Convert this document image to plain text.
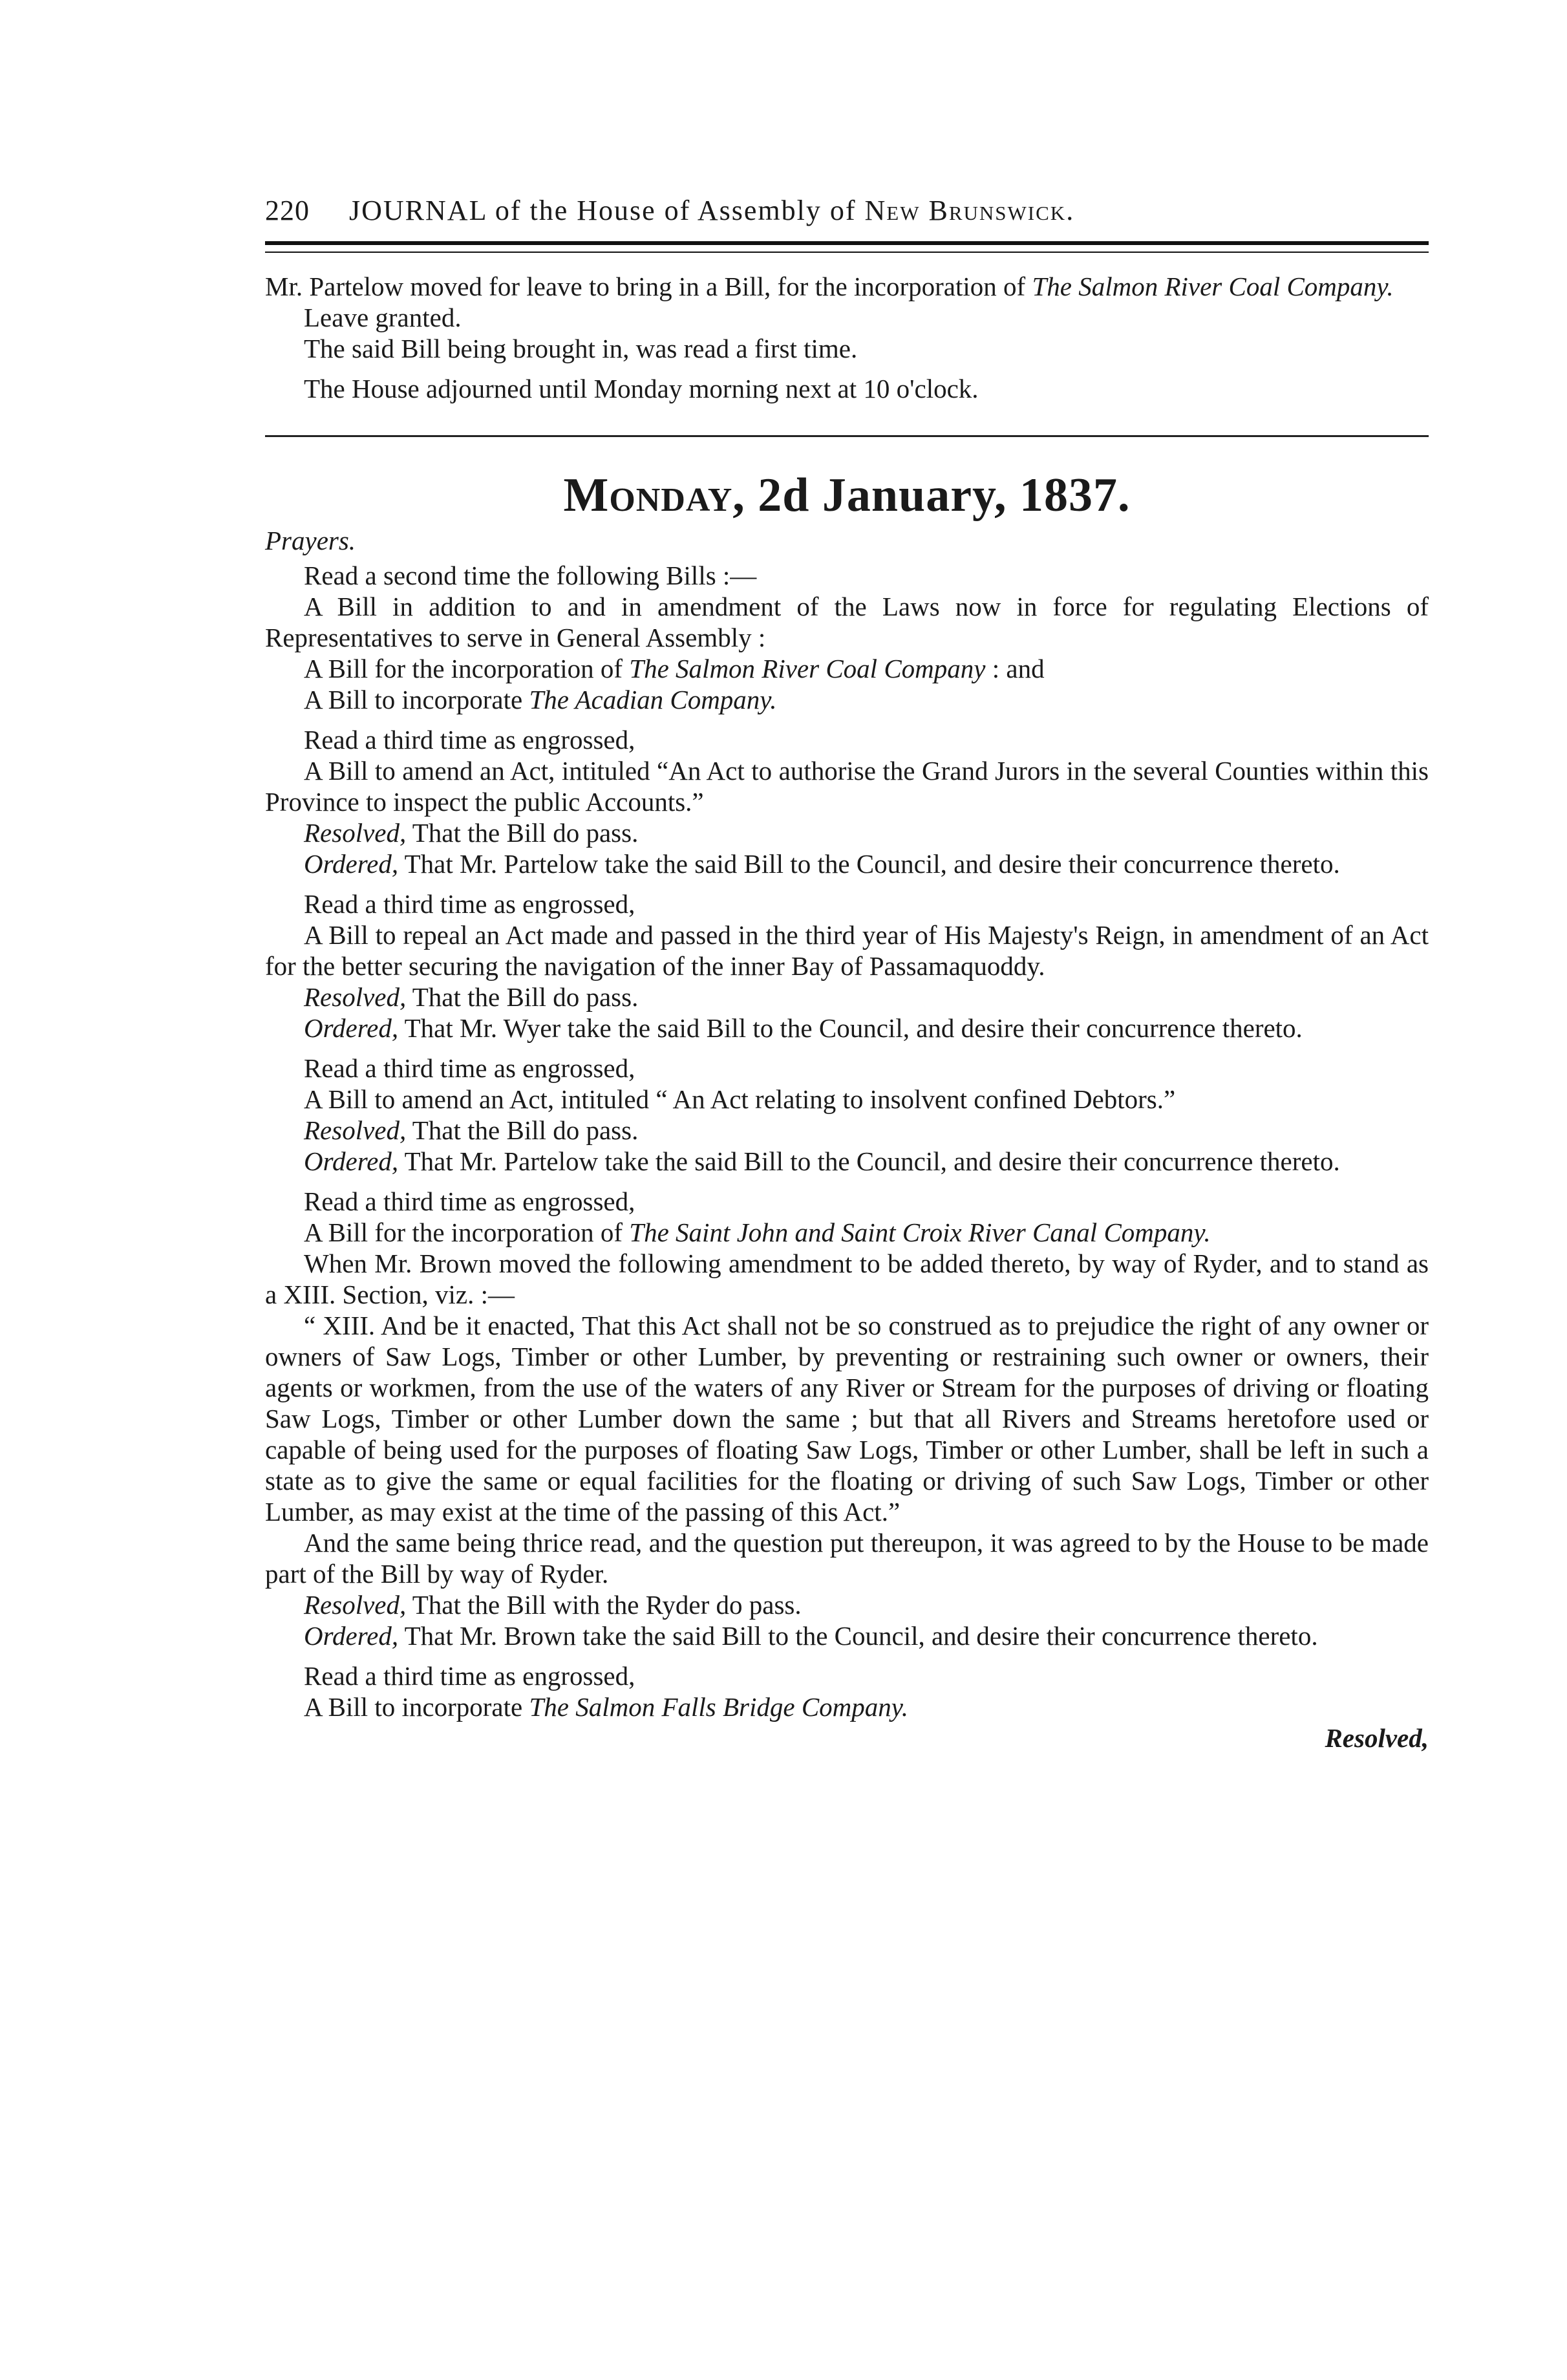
220	JOURNAL of the House of Assembly of New Brunswick.

Mr. Partelow moved for leave to bring in a Bill, for the incorporation of The Salmon River Coal Company.

Leave granted.

The said Bill being brought in, was read a first time.

The House adjourned until Monday morning next at 10 o'clock.

Monday, 2d January, 1837.
Prayers.

Read a second time the following Bills :—

A Bill in addition to and in amendment of the Laws now in force for regulating Elections of Representatives to serve in General Assembly :

A Bill for the incorporation of The Salmon River Coal Company : and

A Bill to incorporate The Acadian Company.

Read a third time as engrossed,

A Bill to amend an Act, intituled “An Act to authorise the Grand Jurors in the several Counties within this Province to inspect the public Accounts.”

Resolved, That the Bill do pass.

Ordered, That Mr. Partelow take the said Bill to the Council, and desire their concurrence thereto.

Read a third time as engrossed,

A Bill to repeal an Act made and passed in the third year of His Majesty's Reign, in amendment of an Act for the better securing the navigation of the inner Bay of Passamaquoddy.

Resolved, That the Bill do pass.

Ordered, That Mr. Wyer take the said Bill to the Council, and desire their concurrence thereto.

Read a third time as engrossed,

A Bill to amend an Act, intituled “ An Act relating to insolvent confined Debtors.”

Resolved, That the Bill do pass.

Ordered, That Mr. Partelow take the said Bill to the Council, and desire their concurrence thereto.

Read a third time as engrossed,

A Bill for the incorporation of The Saint John and Saint Croix River Canal Company.

When Mr. Brown moved the following amendment to be added thereto, by way of Ryder, and to stand as a XIII. Section, viz. :—

“ XIII. And be it enacted, That this Act shall not be so construed as to prejudice the right of any owner or owners of Saw Logs, Timber or other Lumber, by preventing or restraining such owner or owners, their agents or workmen, from the use of the waters of any River or Stream for the purposes of driving or floating Saw Logs, Timber or other Lumber down the same ; but that all Rivers and Streams heretofore used or capable of being used for the purposes of floating Saw Logs, Timber or other Lumber, shall be left in such a state as to give the same or equal facilities for the floating or driving of such Saw Logs, Timber or other Lumber, as may exist at the time of the passing of this Act.”

And the same being thrice read, and the question put thereupon, it was agreed to by the House to be made part of the Bill by way of Ryder.

Resolved, That the Bill with the Ryder do pass.

Ordered, That Mr. Brown take the said Bill to the Council, and desire their concurrence thereto.

Read a third time as engrossed,

A Bill to incorporate The Salmon Falls Bridge Company.

Resolved,
